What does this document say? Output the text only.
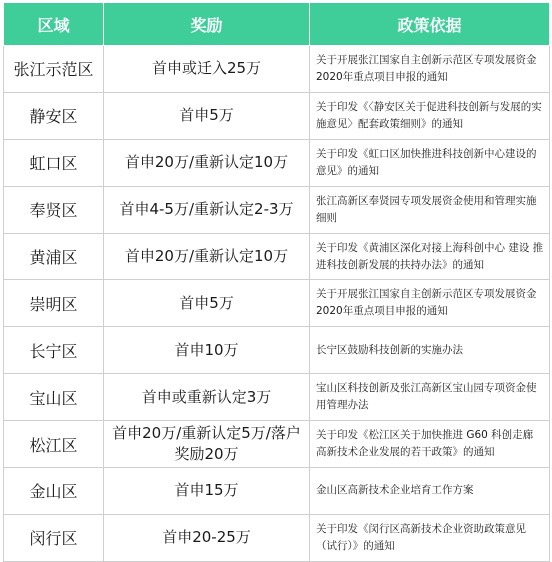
区域	奖励	政策依据
张江示范区	首申或迁入25万	关于开展张江国家自主创新示范区专项发展资金2020年重点项目申报的通知
静安区	首申5万	关于印发《〈静安区关于促进科技创新与发展的实施意见〉配套政策细则》的通知
虹口区	首申20万/重新认定10万	关于印发《虹口区加快推进科技创新中心建设的意见》的通知
奉贤区	首申4-5万/重新认定2-3万	张江高新区奉贤园专项发展资金使用和管理实施细则
黄浦区	首申20万/重新认定10万	关于印发《黄浦区深化对接上海科创中心 建设 推进科技创新发展的扶持办法》的通知
崇明区	首申5万	关于开展张江国家自主创新示范区专项发展资金2020年重点项目申报的通知
长宁区	首申10万	长宁区鼓励科技创新的实施办法
宝山区	首申或重新认定3万	宝山区科技创新及张江高新区宝山园专项资金使用管理办法
松江区	首申20万/重新认定5万/落户奖励20万	关于印发《松江区关于加快推进 G60 科创走廊 高新技术企业发展的若干政策》的通知
金山区	首申15万	金山区高新技术企业培育工作方案
闵行区	首申20-25万	关于印发《闵行区高新技术企业资助政策意见（试行）》的通知
